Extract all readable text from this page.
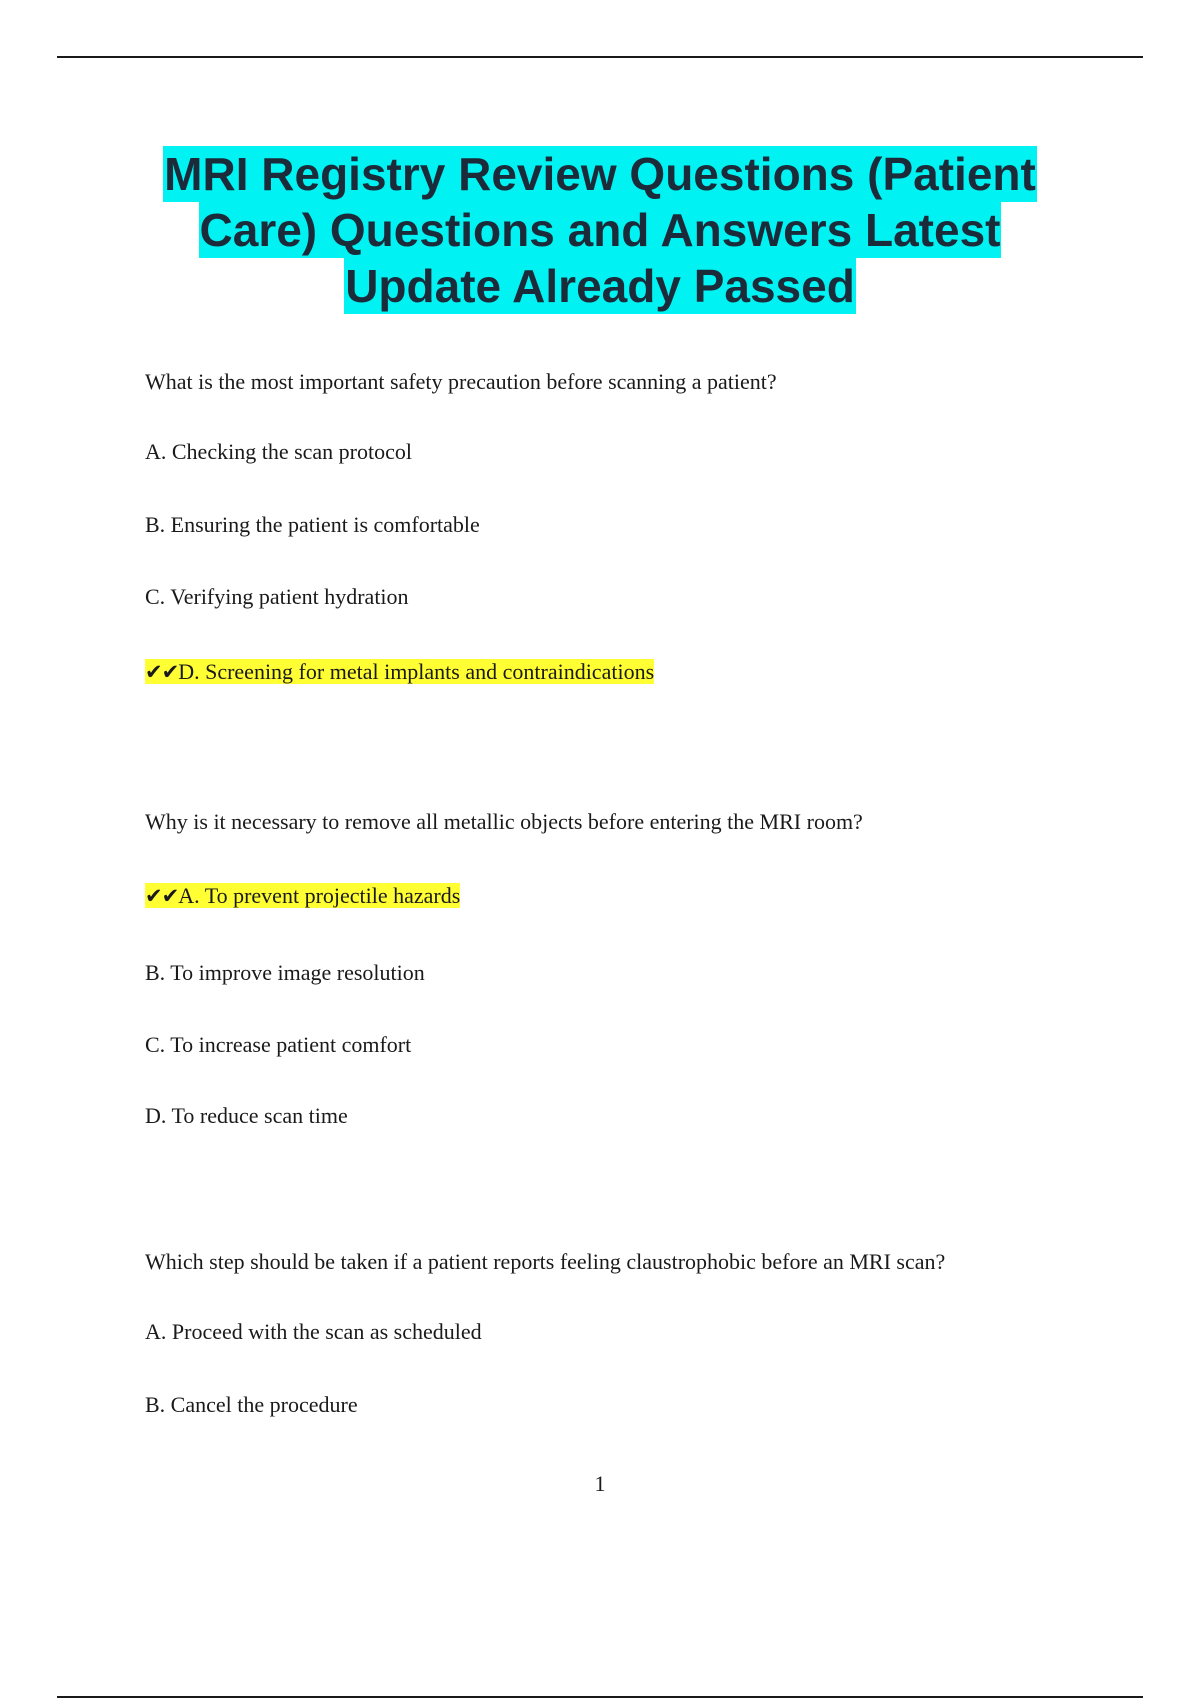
MRI Registry Review Questions (Patient
Care) Questions and Answers Latest
Update Already Passed

What is the most important safety precaution before scanning a patient?

A. Checking the scan protocol

B. Ensuring the patient is comfortable

C. Verifying patient hydration

✔✔D. Screening for metal implants and contraindications

Why is it necessary to remove all metallic objects before entering the MRI room?

✔✔A. To prevent projectile hazards

B. To improve image resolution

C. To increase patient comfort

D. To reduce scan time

Which step should be taken if a patient reports feeling claustrophobic before an MRI scan?

A. Proceed with the scan as scheduled

B. Cancel the procedure

1
